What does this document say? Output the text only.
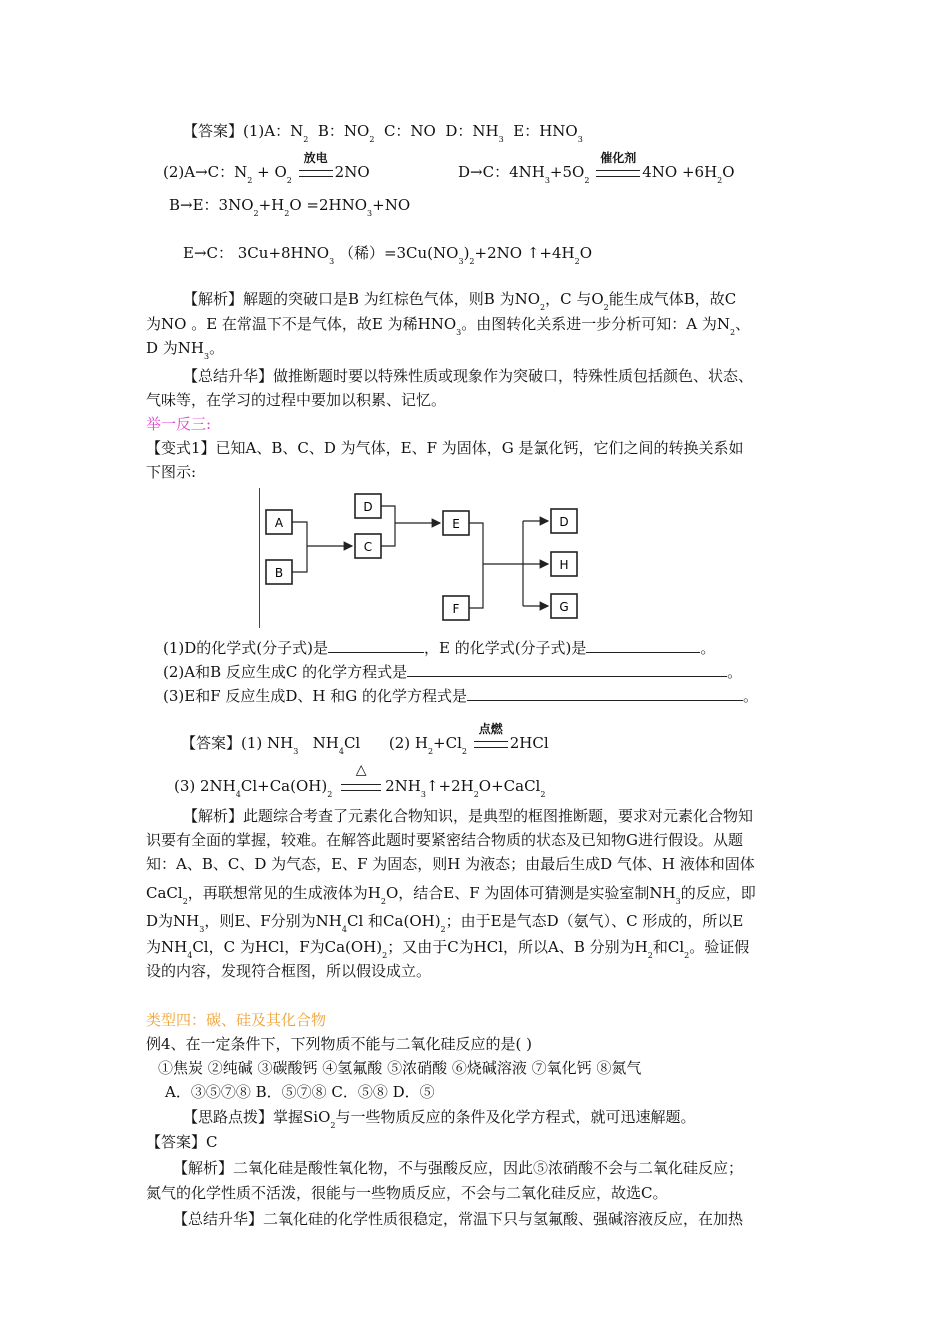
【答案】(1)A：$N_2$ B：$NO_2$ C：NO D：$NH_3$ E：$HNO_3$
(2)A→C：$N_2 + O_2$
放电
2NO	D→C：$4NH_3+5O_2$
催化剂
$4NO +6H_2O$
B→E：$3NO_2+H_2O =2HNO_3+NO$
E→C： $3Cu+8HNO_3$ （稀）$=3Cu(NO_3)_2+2NO$ $↑+4H_2O$
【解析】解题的突破口是B 为红棕色气体，则B 为$NO_2$，C 与$O_2$能生成气体B，故C
为NO 。E 在常温下不是气体，故E 为稀$HNO_3$。由图转化关系进一步分析可知：A 为$N_2$、
D 为$NH_3$。
【总结升华】做推断题时要以特殊性质或现象作为突破口，特殊性质包括颜色、状态、
气味等，在学习的过程中要加以积累、记忆。
举一反三:
【变式1】已知A、B、C、D 为气体，E、F 为固体，G 是氯化钙，它们之间的转换关系如
下图示:
A
B
C
D
E
F
D
H
G
(1)D的化学式(分子式)是	，E 的化学式(分子式)是	。
(2)A和B 反应生成C 的化学方程式是	。
(3)E和F 反应生成D、H 和G 的化学方程式是	。
【答案】(1) $NH_3$ $NH_4Cl$ (2) $H_2+Cl_2$
点燃
2HCl
(3) $2NH_4Cl+Ca(OH)_2$
△
$2NH_3↑+2H_2O+CaCl_2$
【解析】此题综合考查了元素化合物知识，是典型的框图推断题，要求对元素化合物知
识要有全面的掌握，较难。在解答此题时要紧密结合物质的状态及已知物G进行假设。从题
知：A、B、C、D 为气态，E、F 为固态，则H 为液态；由最后生成D 气体、H 液体和固体
CaCl$_2$，再联想常见的生成液体为$H_2O$，结合E、F 为固体可猜测是实验室制$NH_3$的反应，即
D为$NH_3$，则E、F分别为$NH_4Cl$ 和$Ca(OH)_2$；由于E是气态D（氨气）、C 形成的，所以E
为$NH_4Cl$，C 为HCl，F为$Ca(OH)_2$；又由于C为HCl，所以A、B 分别为$H_2$和$Cl_2$。验证假
设的内容，发现符合框图，所以假设成立。
类型四：碳、硅及其化合物
例4、在一定条件下，下列物质不能与二氧化硅反应的是( )
①焦炭 ②纯碱 ③碳酸钙 ④氢氟酸 ⑤浓硝酸 ⑥烧碱溶液 ⑦氧化钙 ⑧氮气
A．③⑤⑦⑧ B．⑤⑦⑧ C．⑤⑧ D．⑤
【思路点拨】掌握SiO$_2$与一些物质反应的条件及化学方程式，就可迅速解题。
【答案】C
【解析】二氧化硅是酸性氧化物，不与强酸反应，因此⑤浓硝酸不会与二氧化硅反应；
氮气的化学性质不活泼，很能与一些物质反应，不会与二氧化硅反应，故选C。
【总结升华】二氧化硅的化学性质很稳定，常温下只与氢氟酸、强碱溶液反应，在加热
